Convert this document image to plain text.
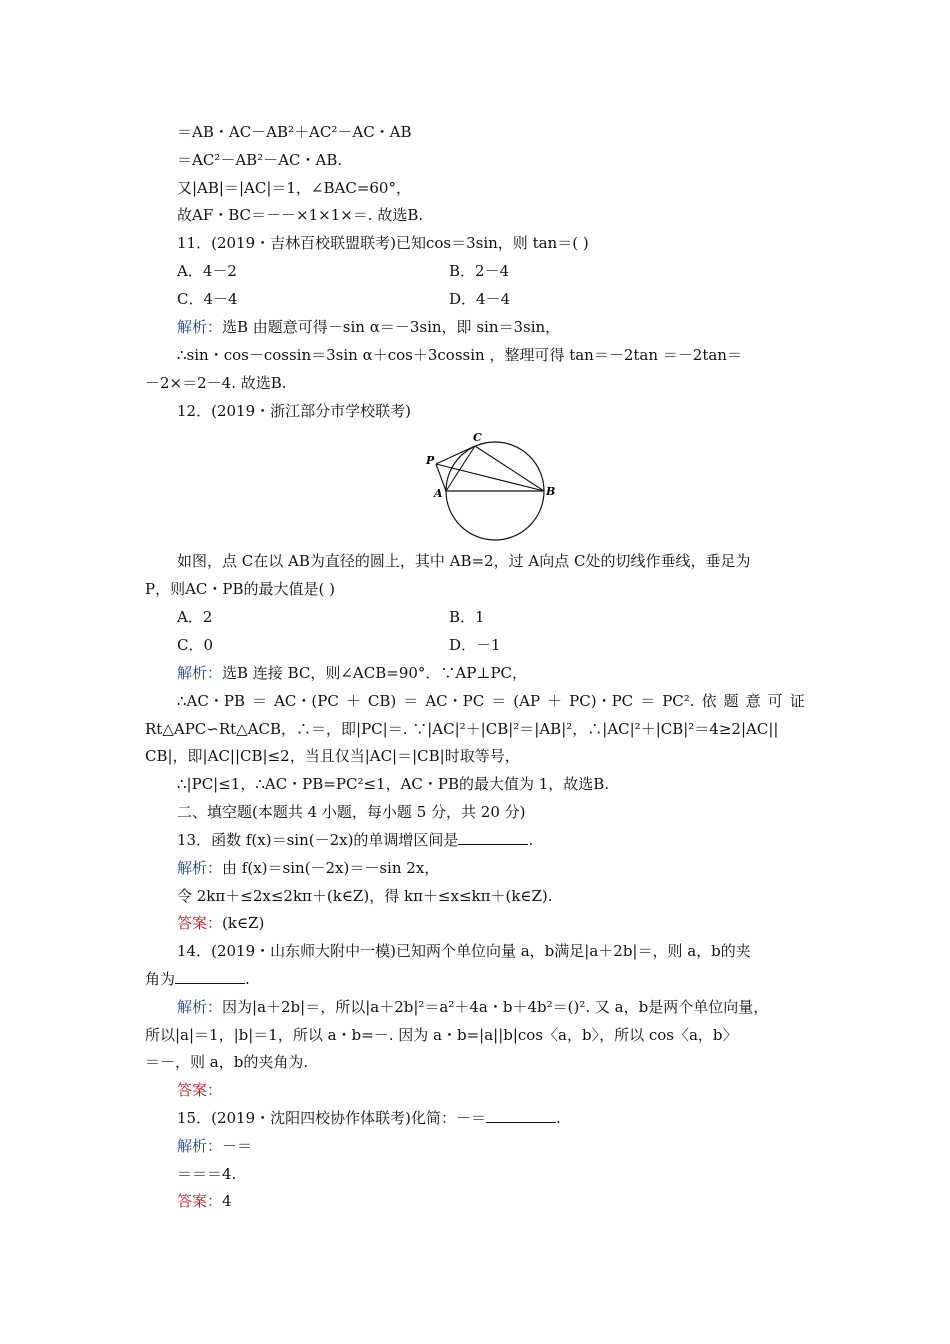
＝AB・AC－AB²＋AC²－AC・AB
＝AC²－AB²－AC・AB.
又|AB|＝|AC|＝1，∠BAC=60°，
故AF・BC＝－－×1×1×＝. 故选B.
11．(2019・吉林百校联盟联考)已知cos＝3sin，则 tan＝( )
A．4－2	B．2－4
C．4－4	D．4－4
解析：选B 由题意可得－sin α＝－3sin，即 sin＝3sin，
∴sin・cos－cossin＝3sin α＋cos＋3cossin ，整理可得 tan＝－2tan ＝－2tan＝
－2×＝2－4. 故选B.
12．(2019・浙江部分市学校联考)
P
C
A	B
如图，点 C在以 AB为直径的圆上，其中 AB=2，过 A向点 C处的切线作垂线，垂足为
P，则AC・PB的最大值是( )
A．2	B．1
C．0	D．－1
解析：选B 连接 BC，则∠ACB=90°．∵AP⊥PC，
∴AC・PB ＝ AC・(PC ＋ CB) ＝ AC・PC ＝ (AP ＋ PC)・PC ＝ PC². 依 题 意 可 证
Rt△APC∽Rt△ACB，∴＝，即|PC|＝. ∵|AC|²＋|CB|²＝|AB|²，∴|AC|²＋|CB|²＝4≥2|AC||
CB|，即|AC||CB|≤2，当且仅当|AC|＝|CB|时取等号，
∴|PC|≤1，∴AC・PB=PC²≤1，AC・PB的最大值为 1，故选B.
二、填空题(本题共 4 小题，每小题 5 分，共 20 分)
13．函数 f(x)＝sin(－2x)的单调增区间是	.
解析：由 f(x)＝sin(－2x)＝－sin 2x，
令 2kπ＋≤2x≤2kπ＋(k∈Z)，得 kπ＋≤x≤kπ＋(k∈Z).
答案：(k∈Z)
14．(2019・山东师大附中一模)已知两个单位向量 a，b满足|a＋2b|＝，则 a，b的夹
角为	.
解析：因为|a＋2b|＝，所以|a＋2b|²＝a²＋4a・b＋4b²＝()². 又 a，b是两个单位向量，
所以|a|＝1，|b|＝1，所以 a・b=－. 因为 a・b=|a||b|cos〈a，b〉，所以 cos〈a，b〉
＝－，则 a，b的夹角为.
答案：
15．(2019・沈阳四校协作体联考)化简：－＝	.
解析：－＝
＝＝＝4.
答案：4
